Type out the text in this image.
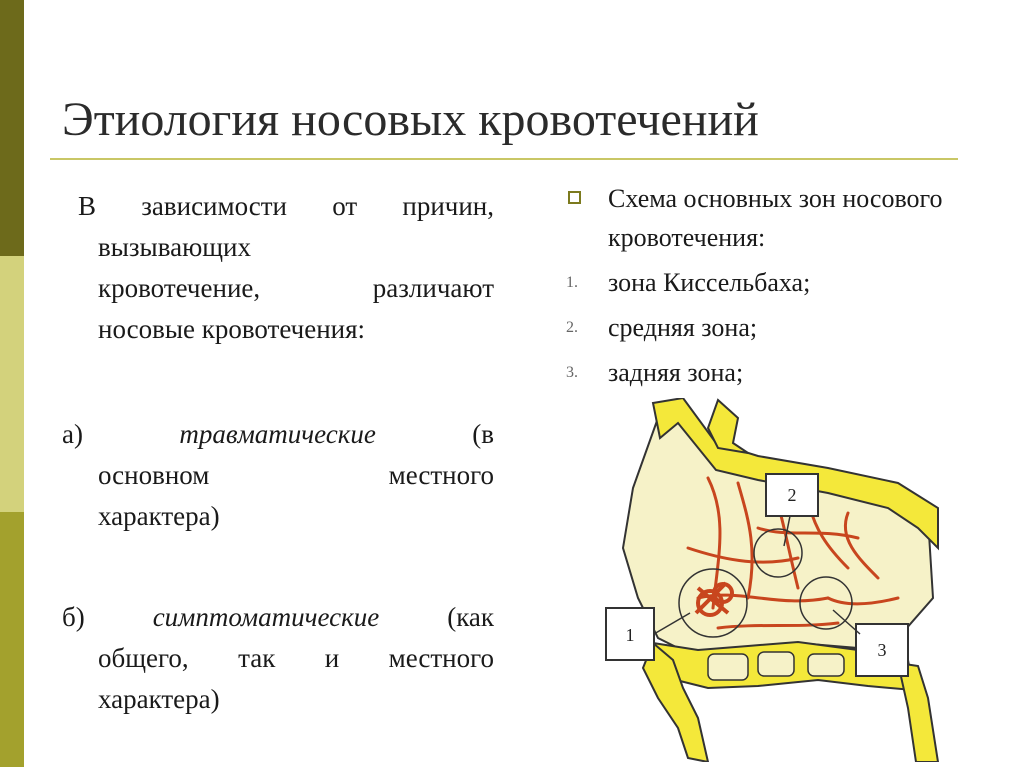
Этиология носовых кровотечений
В зависимости от причин,
вызывающих
кровотечение, различают
носовые кровотечения:
а)	травматические	(в
основном местного
характера)
б)	симптоматические	(как
общего, так и местного
характера)
Схема основных зон носового кровотечения:
1. зона Киссельбаха;
2. средняя зона;
3. задняя зона;
1
2
3
